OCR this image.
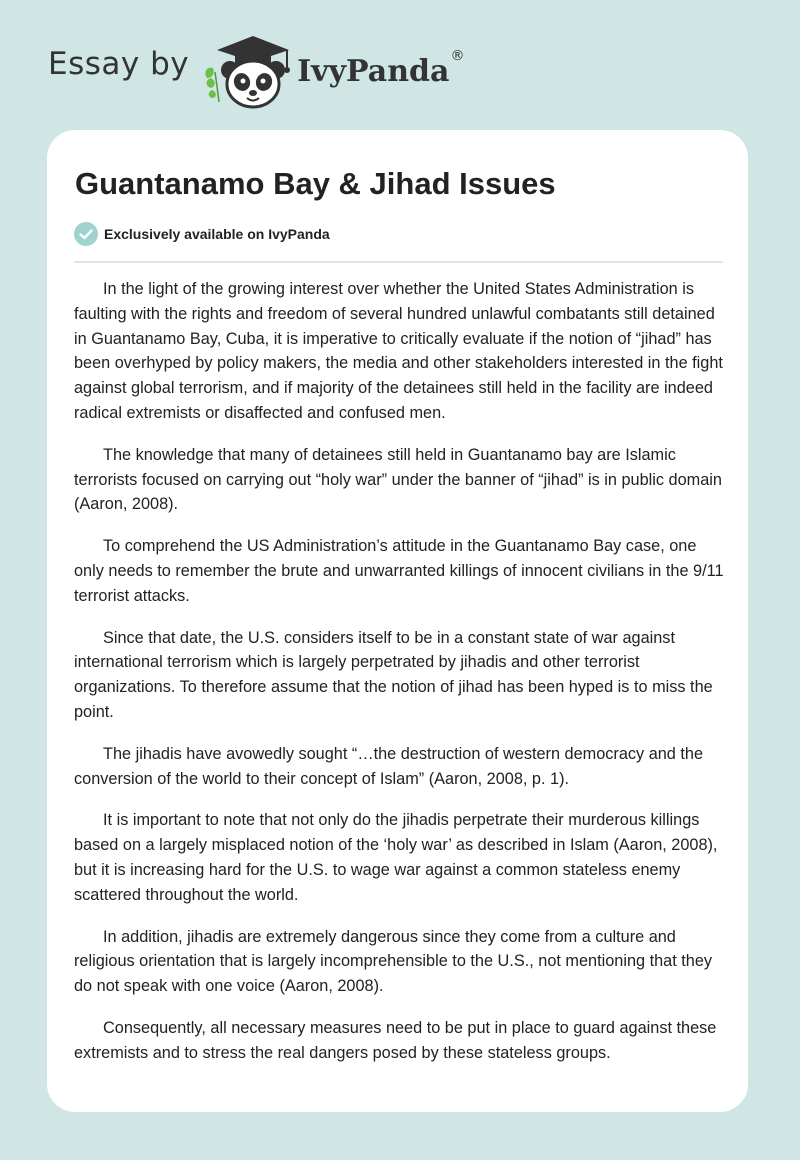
Essay by	IvyPanda®
Guantanamo Bay & Jihad Issues
Exclusively available on IvyPanda

In the light of the growing interest over whether the United States Administration is faulting with the rights and freedom of several hundred unlawful combatants still detained in Guantanamo Bay, Cuba, it is imperative to critically evaluate if the notion of “jihad” has been overhyped by policy makers, the media and other stakeholders interested in the fight against global terrorism, and if majority of the detainees still held in the facility are indeed radical extremists or disaffected and confused men.

The knowledge that many of detainees still held in Guantanamo bay are Islamic terrorists focused on carrying out “holy war” under the banner of “jihad” is in public domain (Aaron, 2008).

To comprehend the US Administration’s attitude in the Guantanamo Bay case, one only needs to remember the brute and unwarranted killings of innocent civilians in the 9/11 terrorist attacks.

Since that date, the U.S. considers itself to be in a constant state of war against international terrorism which is largely perpetrated by jihadis and other terrorist organizations. To therefore assume that the notion of jihad has been hyped is to miss the point.

The jihadis have avowedly sought “…the destruction of western democracy and the conversion of the world to their concept of Islam” (Aaron, 2008, p. 1).

It is important to note that not only do the jihadis perpetrate their murderous killings based on a largely misplaced notion of the ‘holy war’ as described in Islam (Aaron, 2008), but it is increasing hard for the U.S. to wage war against a common stateless enemy scattered throughout the world.

In addition, jihadis are extremely dangerous since they come from a culture and religious orientation that is largely incomprehensible to the U.S., not mentioning that they do not speak with one voice (Aaron, 2008).

Consequently, all necessary measures need to be put in place to guard against these extremists and to stress the real dangers posed by these stateless groups.
